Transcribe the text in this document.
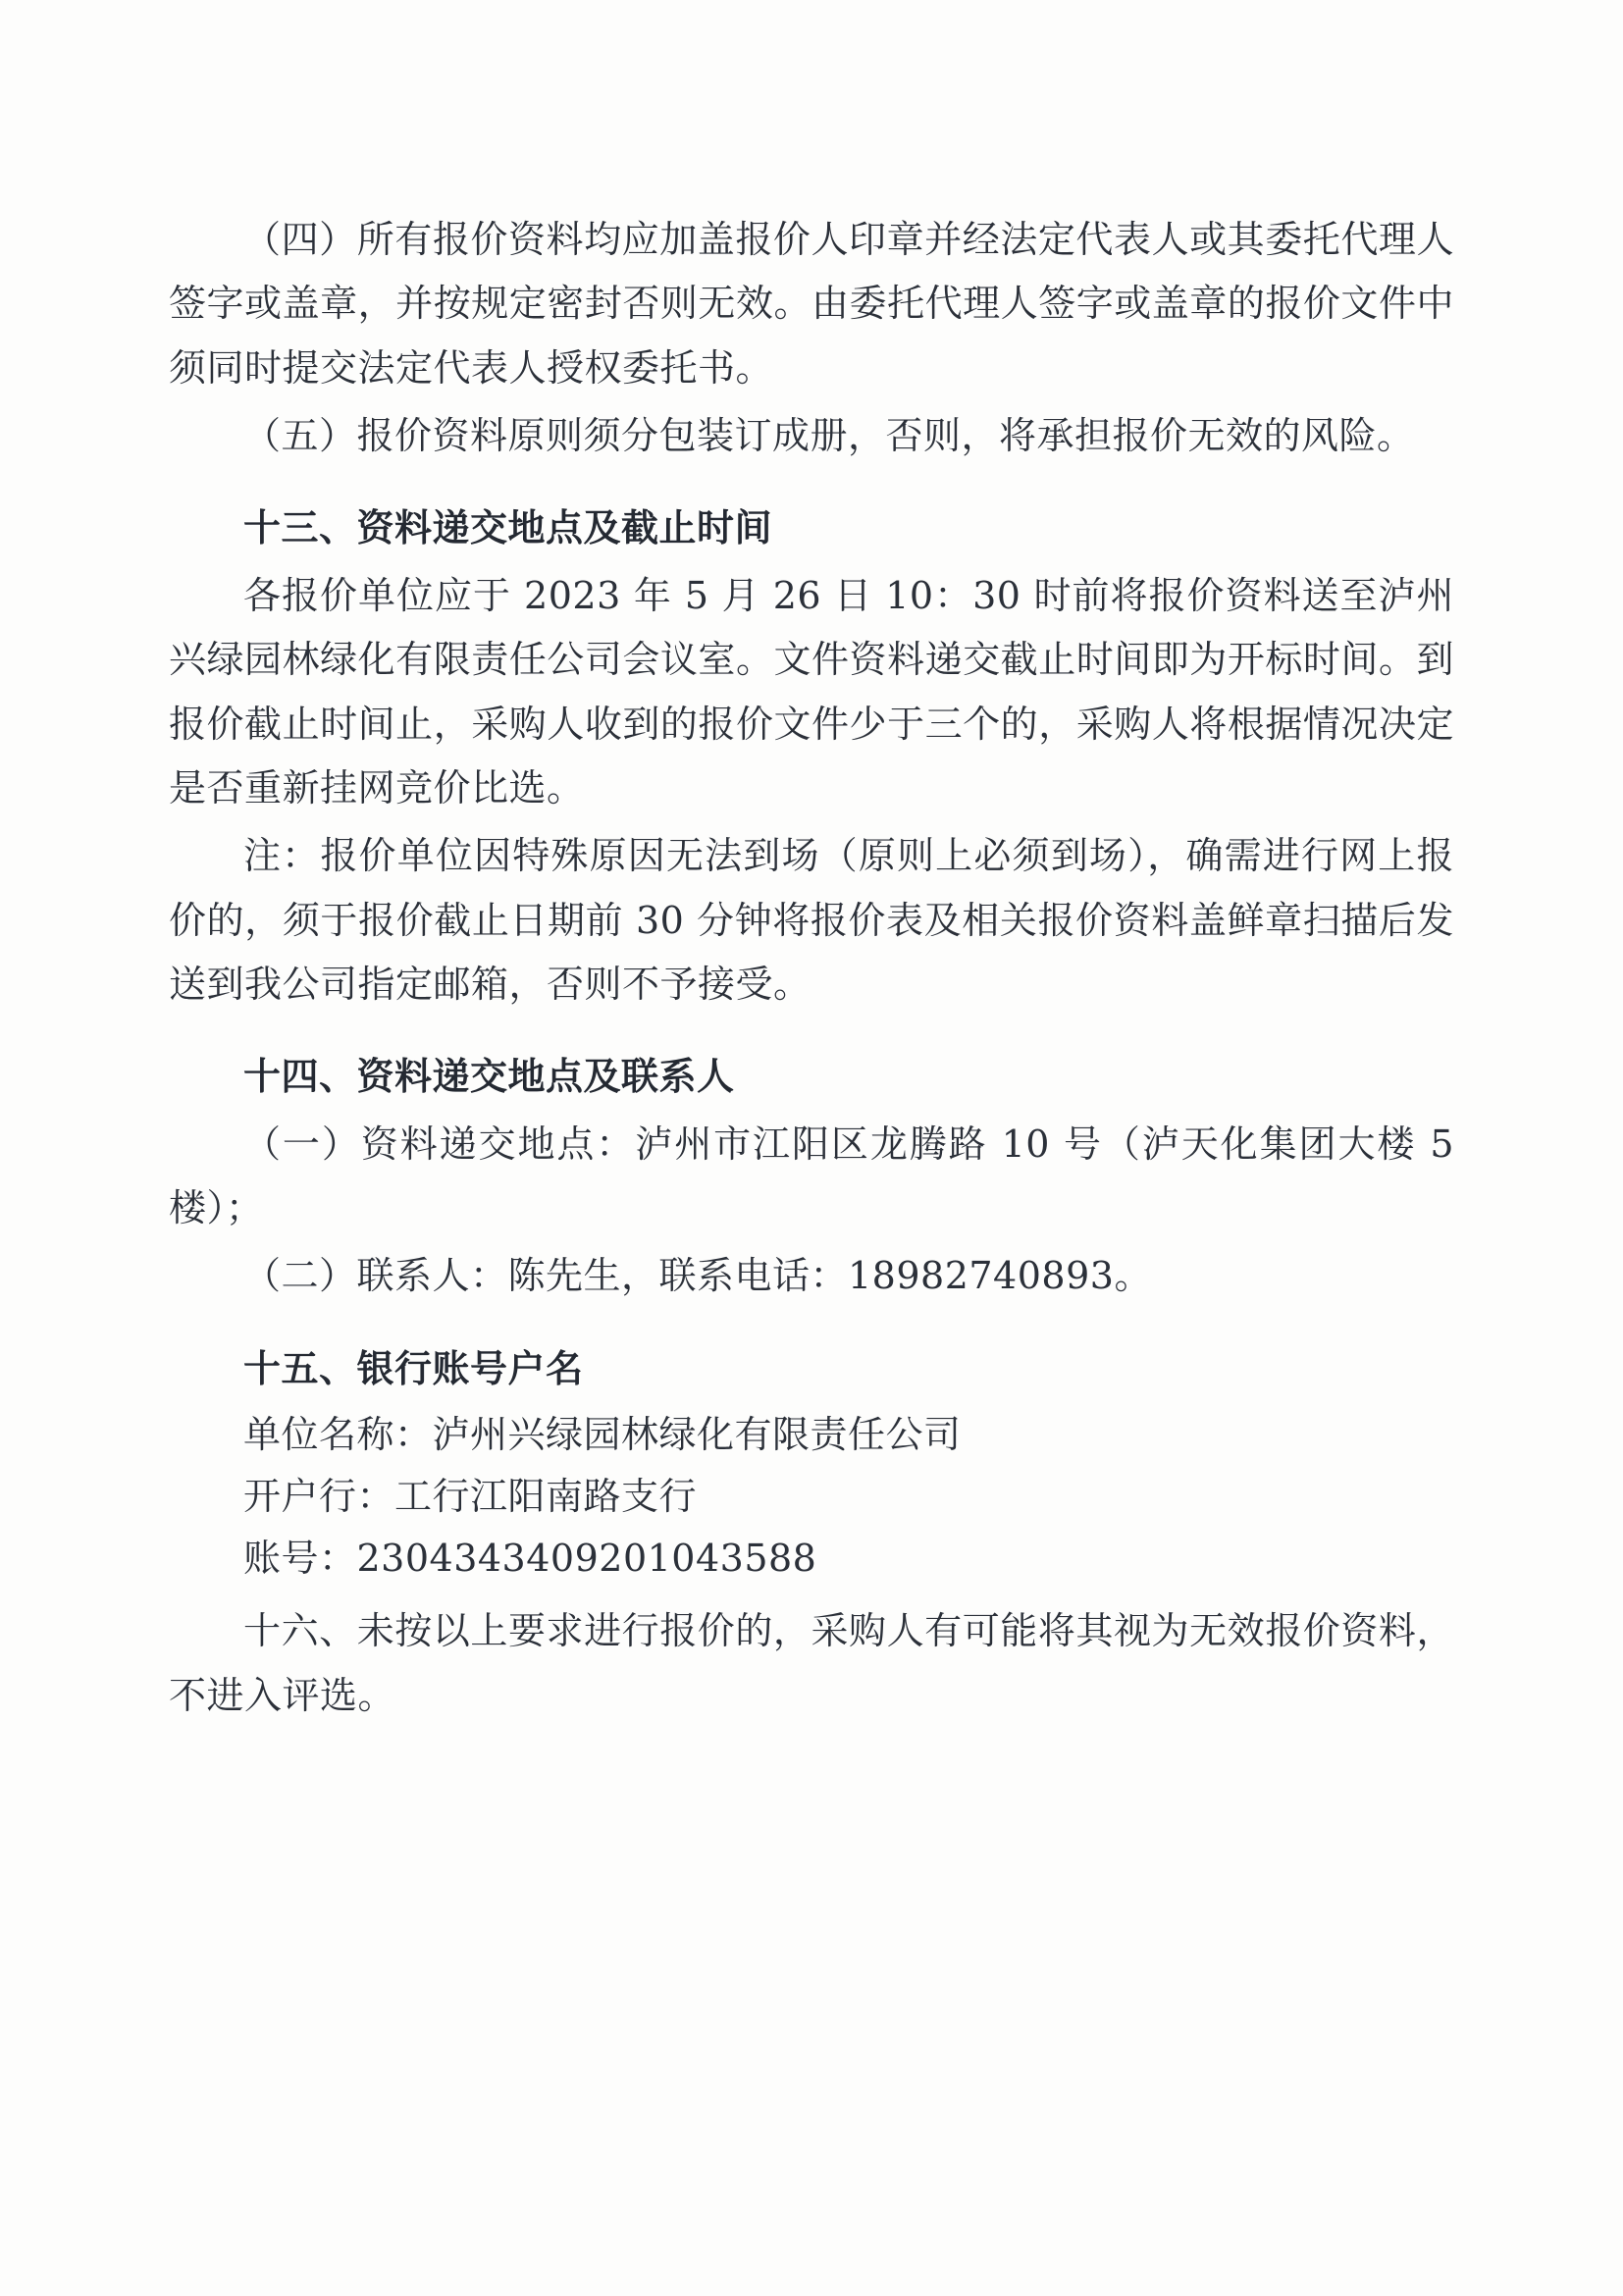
（四）所有报价资料均应加盖报价人印章并经法定代表人或其委托代理人签字或盖章，并按规定密封否则无效。由委托代理人签字或盖章的报价文件中须同时提交法定代表人授权委托书。

（五）报价资料原则须分包装订成册，否则，将承担报价无效的风险。

十三、资料递交地点及截止时间

各报价单位应于 2023 年 5 月 26 日 10：30 时前将报价资料送至泸州兴绿园林绿化有限责任公司会议室。文件资料递交截止时间即为开标时间。到报价截止时间止，采购人收到的报价文件少于三个的，采购人将根据情况决定是否重新挂网竞价比选。

注：报价单位因特殊原因无法到场（原则上必须到场），确需进行网上报价的，须于报价截止日期前 30 分钟将报价表及相关报价资料盖鲜章扫描后发送到我公司指定邮箱，否则不予接受。

十四、资料递交地点及联系人

（一）资料递交地点：泸州市江阳区龙腾路 10 号（泸天化集团大楼 5 楼）；

（二）联系人：陈先生，联系电话：18982740893。

十五、银行账号户名

单位名称：泸州兴绿园林绿化有限责任公司

开户行：工行江阳南路支行

账号：2304343409201043588

十六、未按以上要求进行报价的，采购人有可能将其视为无效报价资料，不进入评选。
